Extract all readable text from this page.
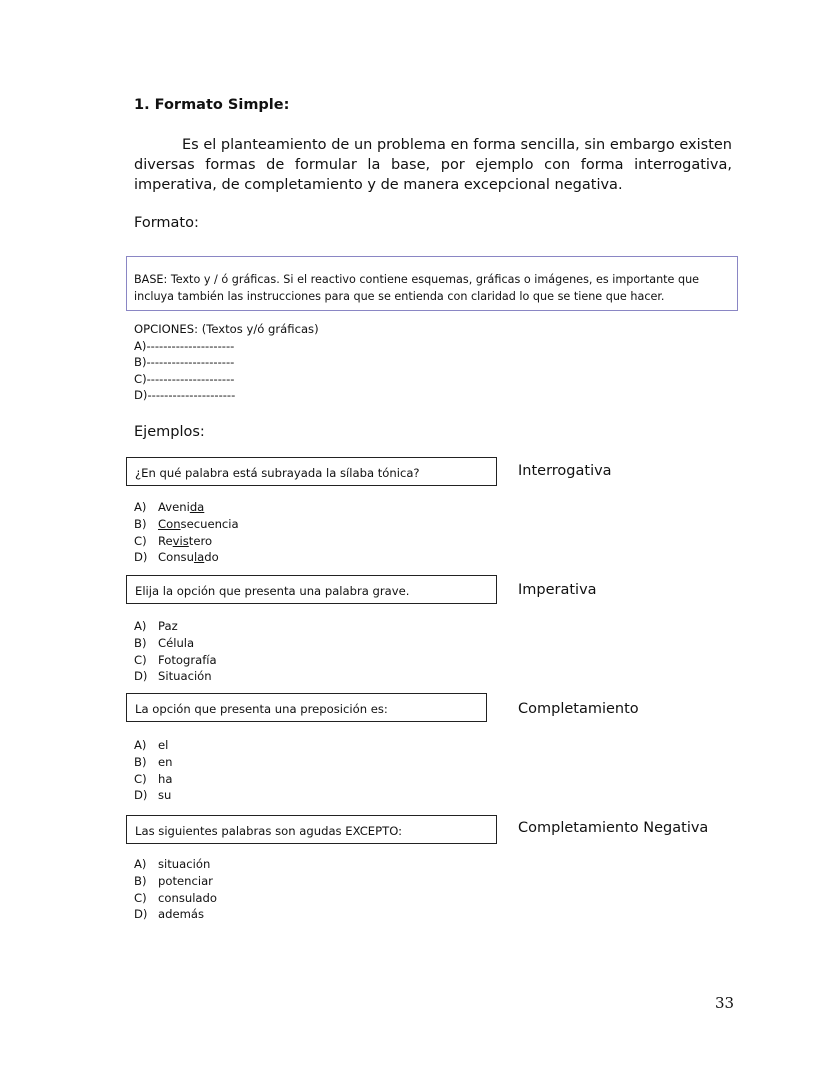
1. Formato Simple:

Es el planteamiento de un problema en forma sencilla, sin embargo existen diversas formas de formular la base, por ejemplo con forma interrogativa, imperativa, de completamiento y de manera excepcional negativa.

Formato:
BASE: Texto y / ó gráficas. Si el reactivo contiene esquemas, gráficas o imágenes, es importante que incluya también las instrucciones para que se entienda con claridad lo que se tiene que hacer.
OPCIONES: (Textos y/ó gráficas)
A)---------------------
B)---------------------
C)---------------------
D)---------------------
Ejemplos:
¿En qué palabra está subrayada la sílaba tónica?	Interrogativa
A) Avenida
B) Consecuencia
C) Revistero
D) Consulado
Elija la opción que presenta una palabra grave.	Imperativa
A) Paz
B) Célula
C) Fotografía
D) Situación
La opción que presenta una preposición es:	Completamiento
A) el
B) en
C) ha
D) su
Las siguientes palabras son agudas EXCEPTO:	Completamiento Negativa
A) situación
B) potenciar
C) consulado
D) además
33
